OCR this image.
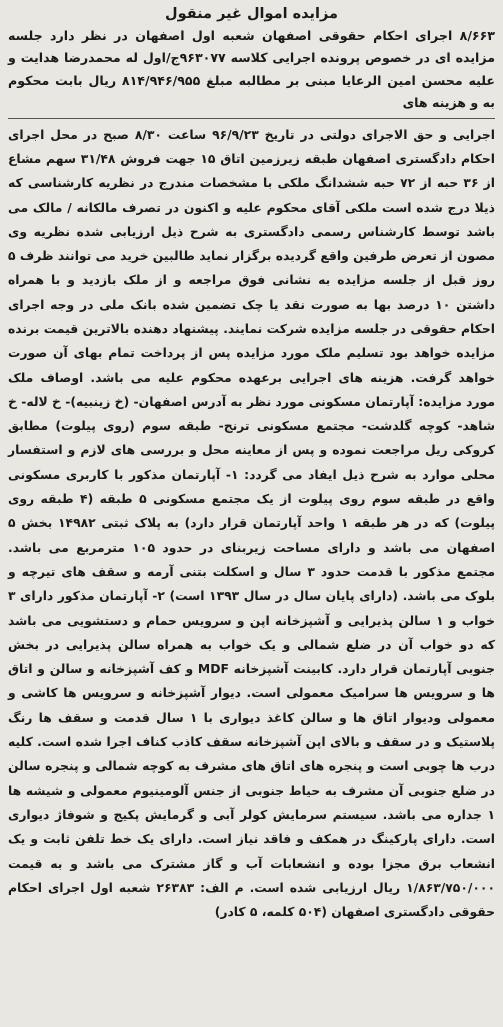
مزایده اموال غیر منقول

۸/۶۶۳ اجرای احکام حقوقی اصفهان شعبه اول اصفهان در نظر دارد جلسه مزایده ای در خصوص پرونده اجرایی کلاسه ۹۶۳۰۷۷ج/اول له محمدرضا هدایت و علیه محسن امین الرعایا مبنی بر مطالبه مبلغ ۸۱۴/۹۴۶/۹۵۵ ریال بابت محکوم به و هزینه های

اجرایی و حق الاجرای دولتی در تاریخ ۹۶/۹/۲۳ ساعت ۸/۳۰ صبح در محل اجرای احکام دادگستری اصفهان طبقه زیرزمین اتاق ۱۵ جهت فروش ۳۱/۴۸ سهم مشاع از ۳۶ حبه از ۷۲ حبه ششدانگ ملکی با مشخصات مندرج در نظریه کارشناسی که ذیلا درج شده است ملکی آقای محکوم علیه و اکنون در تصرف مالکانه / مالک می باشد توسط کارشناس رسمی دادگستری به شرح ذیل ارزیابی شده نظریه وی مصون از تعرض طرفین واقع گردیده برگزار نماید طالبین خرید می توانند ظرف ۵ روز قبل از جلسه مزایده به نشانی فوق مراجعه و از ملک بازدید و با همراه داشتن ۱۰ درصد بها به صورت نقد یا چک تضمین شده بانک ملی در وجه اجرای احکام حقوقی در جلسه مزایده شرکت نمایند. پیشنهاد دهنده بالاترین قیمت برنده مزایده خواهد بود تسلیم ملک مورد مزایده پس از پرداخت تمام بهای آن صورت خواهد گرفت. هزینه های اجرایی برعهده محکوم علیه می باشد. اوصاف ملک مورد مزایده: آپارتمان مسکونی مورد نظر به آدرس اصفهان- (خ زینبیه)- خ لاله- خ شاهد- کوچه گلدشت- مجتمع مسکونی ترنج- طبقه سوم (روی پیلوت) مطابق کروکی ریل مراجعت نموده و پس از معاینه محل و بررسی های لازم و استفسار محلی موارد به شرح ذیل ایفاد می گردد: ۱- آپارتمان مذکور با کاربری مسکونی واقع در طبقه سوم روی پیلوت از یک مجتمع مسکونی ۵ طبقه (۴ طبقه روی پیلوت) که در هر طبقه ۱ واحد آپارتمان قرار دارد) به پلاک ثبتی ۱۴۹۸۲ بخش ۵ اصفهان می باشد و دارای مساحت زیربنای در حدود ۱۰۵ مترمربع می باشد. مجتمع مذکور با قدمت حدود ۳ سال و اسکلت بتنی آرمه و سقف های تیرچه و بلوک می باشد. (دارای پایان سال در سال ۱۳۹۳ است) ۲- آپارتمان مذکور دارای ۳ خواب و ۱ سالن پذیرایی و آشپزخانه اپن و سرویس حمام و دستشویی می باشد که دو خواب آن در ضلع شمالی و یک خواب به همراه سالن پذیرایی در بخش جنوبی آپارتمان قرار دارد. کابینت آشپزخانه MDF و کف آشپزخانه و سالن و اتاق ها و سرویس ها سرامیک معمولی است. دیوار آشپزخانه و سرویس ها کاشی و معمولی ودیوار اتاق ها و سالن کاغذ دیواری با ۱ سال قدمت و سقف ها رنگ پلاستیک و در سقف و بالای اپن آشپزخانه سقف کاذب کناف اجرا شده است. کلیه درب ها چوبی است و پنجره های اتاق های مشرف به کوچه شمالی و پنجره سالن در ضلع جنوبی آن مشرف به حیاط جنوبی از جنس آلومینیوم معمولی و شیشه ها ۱ جداره می باشد. سیستم سرمایش کولر آبی و گرمایش پکیج و شوفاژ دیواری است. دارای پارکینگ در همکف و فاقد نیاز است. دارای یک خط تلفن ثابت و یک انشعاب برق مجزا بوده و انشعابات آب و گاز مشترک می باشد و به قیمت ۱/۸۶۳/۷۵۰/۰۰۰ ریال ارزیابی شده است. م الف: ۲۶۳۸۳ شعبه اول اجرای احکام حقوقی دادگستری اصفهان (۵۰۴ کلمه، ۵ کادر)
